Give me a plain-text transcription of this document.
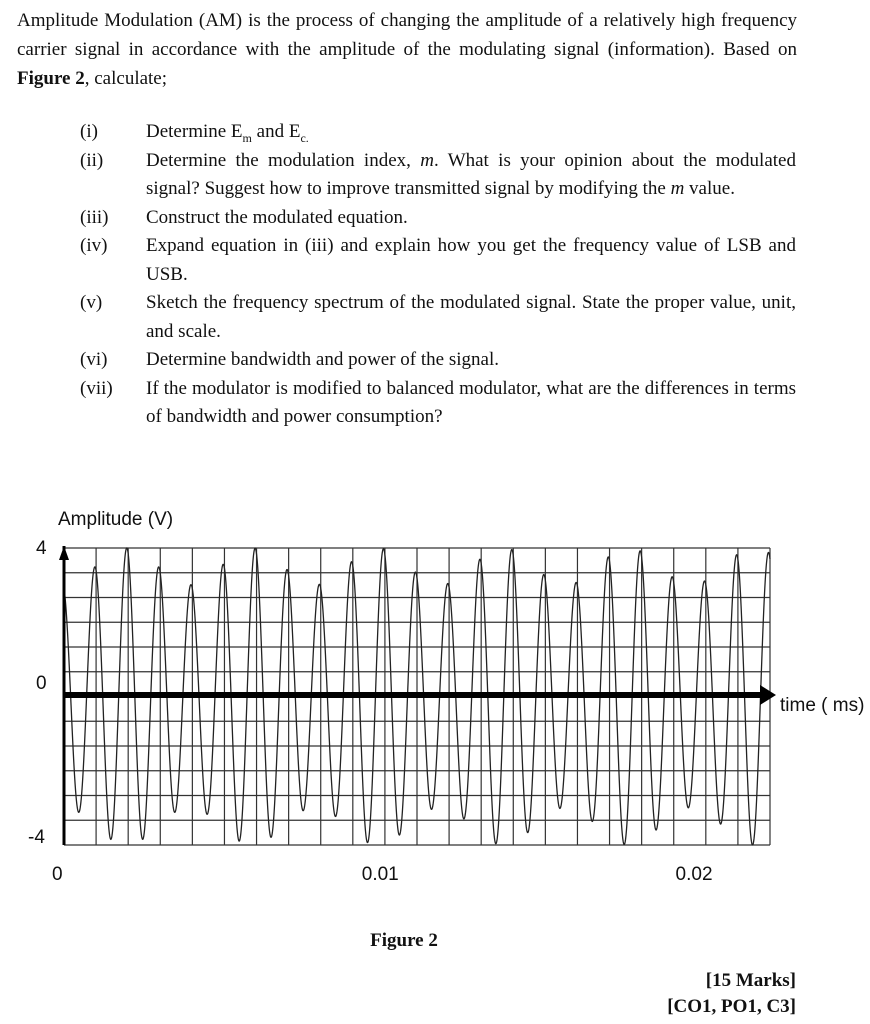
Amplitude Modulation (AM) is the process of changing the amplitude of a relatively high frequency carrier signal in accordance with the amplitude of the modulating signal (information). Based on Figure 2, calculate;
(i)	Determine $E_m$ and $E_{c.}$
(ii)	Determine the modulation index, m. What is your opinion about the modulated signal? Suggest how to improve transmitted signal by modifying the m value.
(iii)	Construct the modulated equation.
(iv)	Expand equation in (iii) and explain how you get the frequency value of LSB and USB.
(v)	Sketch the frequency spectrum of the modulated signal. State the proper value, unit, and scale.
(vi)	Determine bandwidth and power of the signal.
(vii)	If the modulator is modified to balanced modulator, what are the differences in terms of bandwidth and power consumption?
Amplitude (V)
4
0
-4
0	0.01	0.02
time ( ms)
Figure 2
[15 Marks]
[CO1, PO1, C3]
